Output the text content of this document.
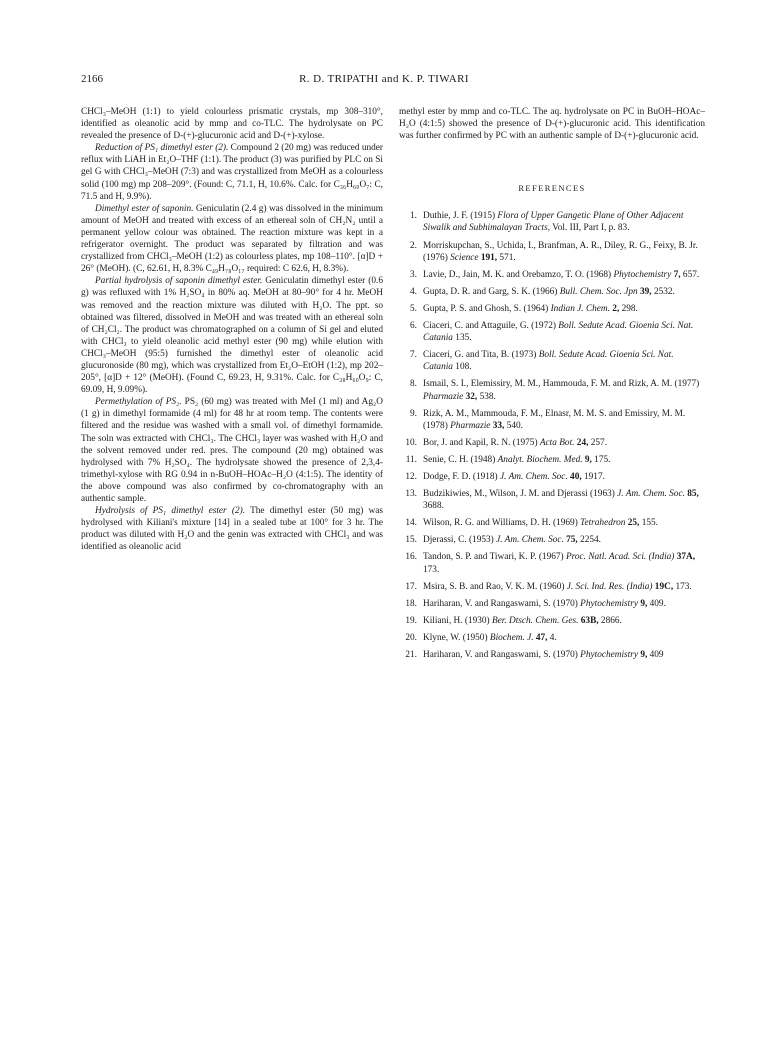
2166	R. D. TRIPATHI and K. P. TIWARI

CHCl₃–MeOH (1:1) to yield colourless prismatic crystals, mp 308–310°, identified as oleanolic acid by mmp and co-TLC. The hydrolysate on PC revealed the presence of D-(+)-glucuronic acid and D-(+)-xylose.

Reduction of PS₁ dimethyl ester (2). Compound 2 (20 mg) was reduced under reflux with LiAH in Et₂O–THF (1:1). The product (3) was purified by PLC on Si gel G with CHCl₃–MeOH (7:3) and was crystallized from MeOH as a colourless solid (100 mg) mp 208–209°. (Found: C, 71.1, H, 10.6%. Calc. for C₃₆H₆₀O₇: C, 71.5 and H, 9.9%).

Dimethyl ester of saponin. Geniculatin (2.4 g) was dissolved in the minimum amount of MeOH and treated with excess of an ethereal soln of CH₂N₂ until a permanent yellow colour was obtained. The reaction mixture was kept in a refrigerator overnight. The product was separated by filtration and was crystallized from CHCl₃–MeOH (1:2) as colourless plates, mp 108–110°. [α]D + 26° (MeOH). (C, 62.61, H, 8.3% C₄₉H₇₈O₁₇ required: C 62.6, H, 8.3%).

Partial hydrolysis of saponin dimethyl ester. Geniculatin dimethyl ester (0.6 g) was refluxed with 1% H₂SO₄ in 80% aq. MeOH at 80–90° for 4 hr. MeOH was removed and the reaction mixture was diluted with H₂O. The ppt. so obtained was filtered, dissolved in MeOH and was treated with an ethereal soln of CH₂Cl₂. The product was chromatographed on a column of Si gel and eluted with CHCl₃ to yield oleanolic acid methyl ester (90 mg) while elution with CHCl₃–MeOH (95:5) furnished the dimethyl ester of oleanolic acid glucuronoside (80 mg), which was crystallized from Et₂O–EtOH (1:2), mp 202–205°, [α]D + 12° (MeOH). (Found C, 69.23, H, 9.31%. Calc. for C₃₈H₆₀O₉: C, 69.09, H, 9.09%).

Permethylation of PS₂. PS₂ (60 mg) was treated with MeI (1 ml) and Ag₂O (1 g) in dimethyl formamide (4 ml) for 48 hr at room temp. The contents were filtered and the residue was washed with a small vol. of dimethyl formamide. The soln was extracted with CHCl₃. The CHCl₃ layer was washed with H₂O and the solvent removed under red. pres. The compound (20 mg) obtained was hydrolysed with 7% H₂SO₄. The hydrolysate showed the presence of 2,3,4-trimethyl-xylose with RG 0.94 in n-BuOH–HOAc–H₂O (4:1:5). The identity of the above compound was also confirmed by co-chromatography with an authentic sample.

Hydrolysis of PS₁ dimethyl ester (2). The dimethyl ester (50 mg) was hydrolysed with Kiliani's mixture [14] in a sealed tube at 100° for 3 hr. The product was diluted with H₂O and the genin was extracted with CHCl₃ and was identified as oleanolic acid

methyl ester by mmp and co-TLC. The aq. hydrolysate on PC in BuOH–HOAc–H₂O (4:1:5) showed the presence of D-(+)-glucuronic acid. This identification was further confirmed by PC with an authentic sample of D-(+)-glucuronic acid.

REFERENCES
1. Duthie, J. F. (1915) Flora of Upper Gangetic Plane of Other Adjacent Siwalik and Subhimalayan Tracts, Vol. III, Part I, p. 83.
2. Morriskupchan, S., Uchida, I., Branfman, A. R., Diley, R. G., Feixy, B. Jr. (1976) Science 191, 571.
3. Lavie, D., Jain, M. K. and Orebamzo, T. O. (1968) Phytochemistry 7, 657.
4. Gupta, D. R. and Garg, S. K. (1966) Bull. Chem. Soc. Jpn 39, 2532.
5. Gupta, P. S. and Ghosh, S. (1964) Indian J. Chem. 2, 298.
6. Ciaceri, C. and Attaguile, G. (1972) Boll. Sedute Acad. Gioenia Sci. Nat. Catania 135.
7. Ciaceri, G. and Tita, B. (1973) Boll. Sedute Acad. Gioenia Sci. Nat. Catania 108.
8. Ismail, S. I., Elemissiry, M. M., Hammouda, F. M. and Rizk, A. M. (1977) Pharmazie 32, 538.
9. Rizk, A. M., Mammouda, F. M., Elnasr, M. M. S. and Emissiry, M. M. (1978) Pharmazie 33, 540.
10. Bor, J. and Kapil, R. N. (1975) Acta Bot. 24, 257.
11. Senie, C. H. (1948) Analyt. Biochem. Med. 9, 175.
12. Dodge, F. D. (1918) J. Am. Chem. Soc. 40, 1917.
13. Budzikiwies, M., Wilson, J. M. and Djerassi (1963) J. Am. Chem. Soc. 85, 3688.
14. Wilson, R. G. and Williams, D. H. (1969) Tetrahedron 25, 155.
15. Djerassi, C. (1953) J. Am. Chem. Soc. 75, 2254.
16. Tandon, S. P. and Tiwari, K. P. (1967) Proc. Natl. Acad. Sci. (India) 37A, 173.
17. Msira, S. B. and Rao, V. K. M. (1960) J. Sci. Ind. Res. (India) 19C, 173.
18. Hariharan, V. and Rangaswami, S. (1970) Phytochemistry 9, 409.
19. Kiliani, H. (1930) Ber. Dtsch. Chem. Ges. 63B, 2866.
20. Klyne, W. (1950) Biochem. J. 47, 4.
21. Hariharan, V. and Rangaswami, S. (1970) Phytochemistry 9, 409
